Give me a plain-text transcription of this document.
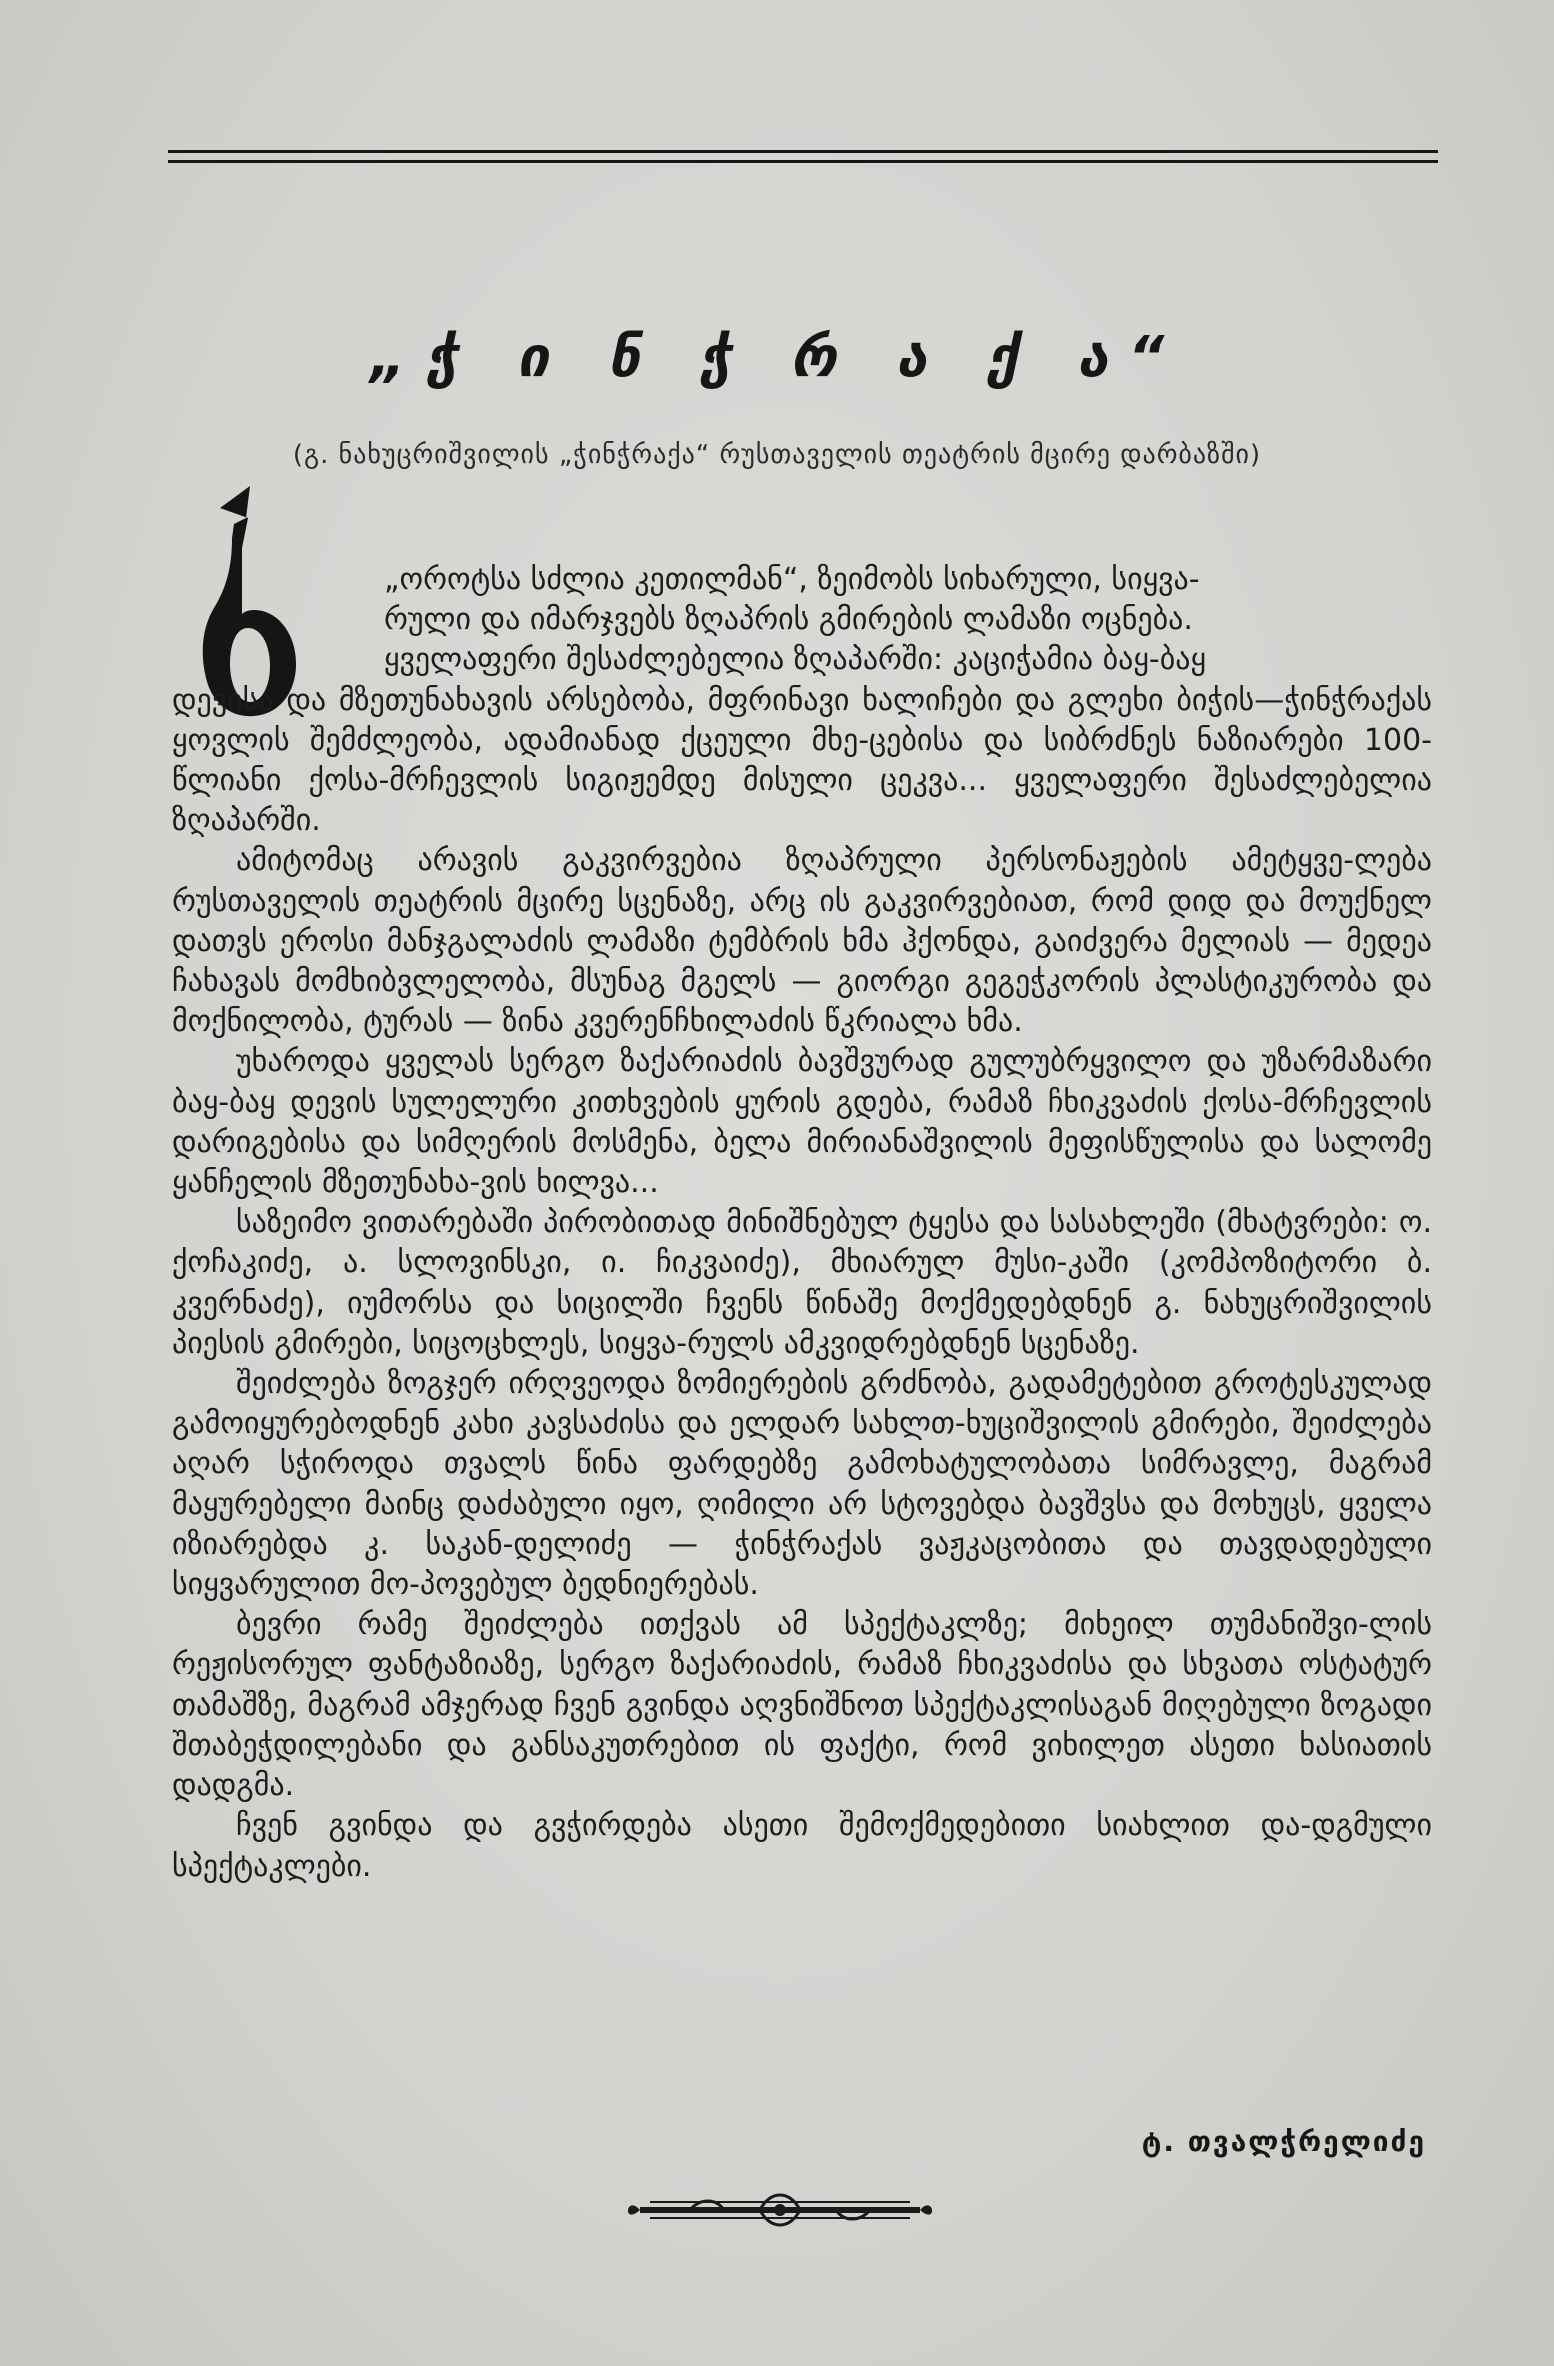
„ჭ ი ნ ჭ რ ა ქ ა“
(გ. ნახუცრიშვილის „ჭინჭრაქა“ რუსთაველის თეატრის მცირე დარბაზში)
„ოროტსა სძლია კეთილმან“, ზეიმობს სიხარული, სიყვა-
რული და იმარჯვებს ზღაპრის გმირების ლამაზი ოცნება.
ყველაფერი შესაძლებელია ზღაპარში: კაციჭამია ბაყ-ბაყ

დევისა და მზეთუნახავის არსებობა, მფრინავი ხალიჩები და გლეხი ბიჭის—ჭინჭრაქას ყოვლის შემძლეობა, ადამიანად ქცეული მხე-ცებისა და სიბრძნეს ნაზიარები 100-წლიანი ქოსა-მრჩევლის სიგიჟემდე მისული ცეკვა... ყველაფერი შესაძლებელია ზღაპარში.

ამიტომაც არავის გაკვირვებია ზღაპრული პერსონაჟების ამეტყვე-ლება რუსთაველის თეატრის მცირე სცენაზე, არც ის გაკვირვებიათ, რომ დიდ და მოუქნელ დათვს ეროსი მანჯგალაძის ლამაზი ტემბრის ხმა ჰქონდა, გაიძვერა მელიას — მედეა ჩახავას მომხიბვლელობა, მსუნაგ მგელს — გიორგი გეგეჭკორის პლასტიკურობა და მოქნილობა, ტურას — ზინა კვერენჩხილაძის წკრიალა ხმა.

უხაროდა ყველას სერგო ზაქარიაძის ბავშვურად გულუბრყვილო და უზარმაზარი ბაყ-ბაყ დევის სულელური კითხვების ყურის გდება, რამაზ ჩხიკვაძის ქოსა-მრჩევლის დარიგებისა და სიმღერის მოსმენა, ბელა მირიანაშვილის მეფისწულისა და სალომე ყანჩელის მზეთუნახა-ვის ხილვა...

საზეიმო ვითარებაში პირობითად მინიშნებულ ტყესა და სასახლეში (მხატვრები: ო. ქოჩაკიძე, ა. სლოვინსკი, ი. ჩიკვაიძე), მხიარულ მუსი-კაში (კომპოზიტორი ბ. კვერნაძე), იუმორსა და სიცილში ჩვენს წინაშე მოქმედებდნენ გ. ნახუცრიშვილის პიესის გმირები, სიცოცხლეს, სიყვა-რულს ამკვიდრებდნენ სცენაზე.

შეიძლება ზოგჯერ ირღვეოდა ზომიერების გრძნობა, გადამეტებით გროტესკულად გამოიყურებოდნენ კახი კავსაძისა და ელდარ სახლთ-ხუციშვილის გმირები, შეიძლება აღარ სჭიროდა თვალს წინა ფარდებზე გამოხატულობათა სიმრავლე, მაგრამ მაყურებელი მაინც დაძაბული იყო, ღიმილი არ სტოვებდა ბავშვსა და მოხუცს, ყველა იზიარებდა კ. საკან-დელიძე — ჭინჭრაქას ვაჟკაცობითა და თავდადებული სიყვარულით მო-პოვებულ ბედნიერებას.

ბევრი რამე შეიძლება ითქვას ამ სპექტაკლზე; მიხეილ თუმანიშვი-ლის რეჟისორულ ფანტაზიაზე, სერგო ზაქარიაძის, რამაზ ჩხიკვაძისა და სხვათა ოსტატურ თამაშზე, მაგრამ ამჯერად ჩვენ გვინდა აღვნიშნოთ სპექტაკლისაგან მიღებული ზოგადი შთაბეჭდილებანი და განსაკუთრებით ის ფაქტი, რომ ვიხილეთ ასეთი ხასიათის დადგმა.

ჩვენ გვინდა და გვჭირდება ასეთი შემოქმედებითი სიახლით და-დგმული სპექტაკლები.

ტ. თვალჭრელიძე
